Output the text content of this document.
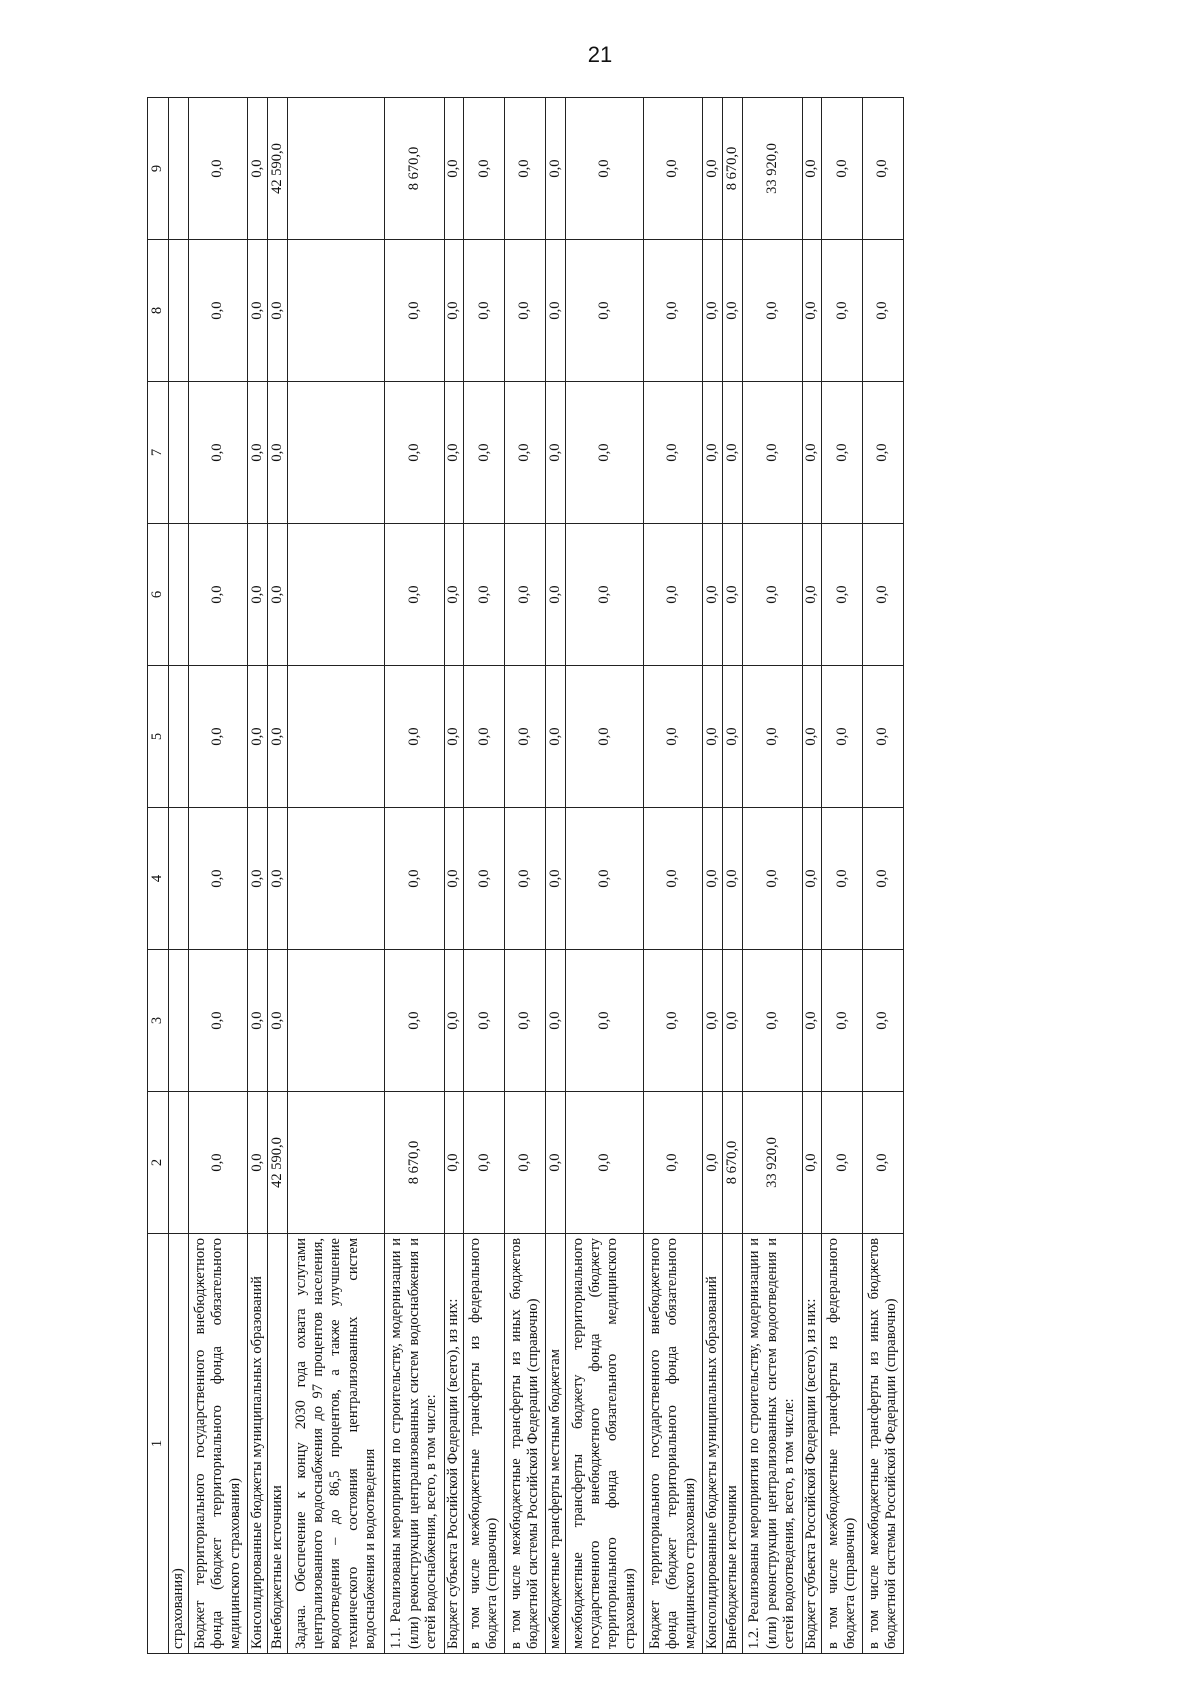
21
1	2	3	4	5	6	7	8	9
страхования)								
Бюджет территориального государственного внебюджетного фонда (бюджет территориального фонда обязательного медицинского страхования)	0,0	0,0	0,0	0,0	0,0	0,0	0,0	0,0
Консолидированные бюджеты муниципальных образований	0,0	0,0	0,0	0,0	0,0	0,0	0,0	0,0
Внебюджетные источники	42 590,0	0,0	0,0	0,0	0,0	0,0	0,0	42 590,0
Задача. Обеспечение к концу 2030 года охвата услугами централизованного водоснабжения до 97 процентов населения, водоотведения – до 86,5 процентов, а также улучшение технического состояния централизованных систем водоснабжения и водоотведения								
1.1. Реализованы мероприятия по строительству, модернизации и (или) реконструкции централизованных систем водоснабжения и сетей водоснабжения, всего, в том числе:	8 670,0	0,0	0,0	0,0	0,0	0,0	0,0	8 670,0
Бюджет субъекта Российской Федерации (всего), из них:	0,0	0,0	0,0	0,0	0,0	0,0	0,0	0,0
в том числе межбюджетные трансферты из федерального бюджета (справочно)	0,0	0,0	0,0	0,0	0,0	0,0	0,0	0,0
в том числе межбюджетные трансферты из иных бюджетов бюджетной системы Российской Федерации (справочно)	0,0	0,0	0,0	0,0	0,0	0,0	0,0	0,0
межбюджетные трансферты местным бюджетам	0,0	0,0	0,0	0,0	0,0	0,0	0,0	0,0
межбюджетные трансферты бюджету территориального государственного внебюджетного фонда (бюджету территориального фонда обязательного медицинского страхования)	0,0	0,0	0,0	0,0	0,0	0,0	0,0	0,0
Бюджет территориального государственного внебюджетного фонда (бюджет территориального фонда обязательного медицинского страхования)	0,0	0,0	0,0	0,0	0,0	0,0	0,0	0,0
Консолидированные бюджеты муниципальных образований	0,0	0,0	0,0	0,0	0,0	0,0	0,0	0,0
Внебюджетные источники	8 670,0	0,0	0,0	0,0	0,0	0,0	0,0	8 670,0
1.2. Реализованы мероприятия по строительству, модернизации и (или) реконструкции централизованных систем водоотведения и сетей водоотведения, всего, в том числе:	33 920,0	0,0	0,0	0,0	0,0	0,0	0,0	33 920,0
Бюджет субъекта Российской Федерации (всего), из них:	0,0	0,0	0,0	0,0	0,0	0,0	0,0	0,0
в том числе межбюджетные трансферты из федерального бюджета (справочно)	0,0	0,0	0,0	0,0	0,0	0,0	0,0	0,0
в том числе межбюджетные трансферты из иных бюджетов бюджетной системы Российской Федерации (справочно)	0,0	0,0	0,0	0,0	0,0	0,0	0,0	0,0
